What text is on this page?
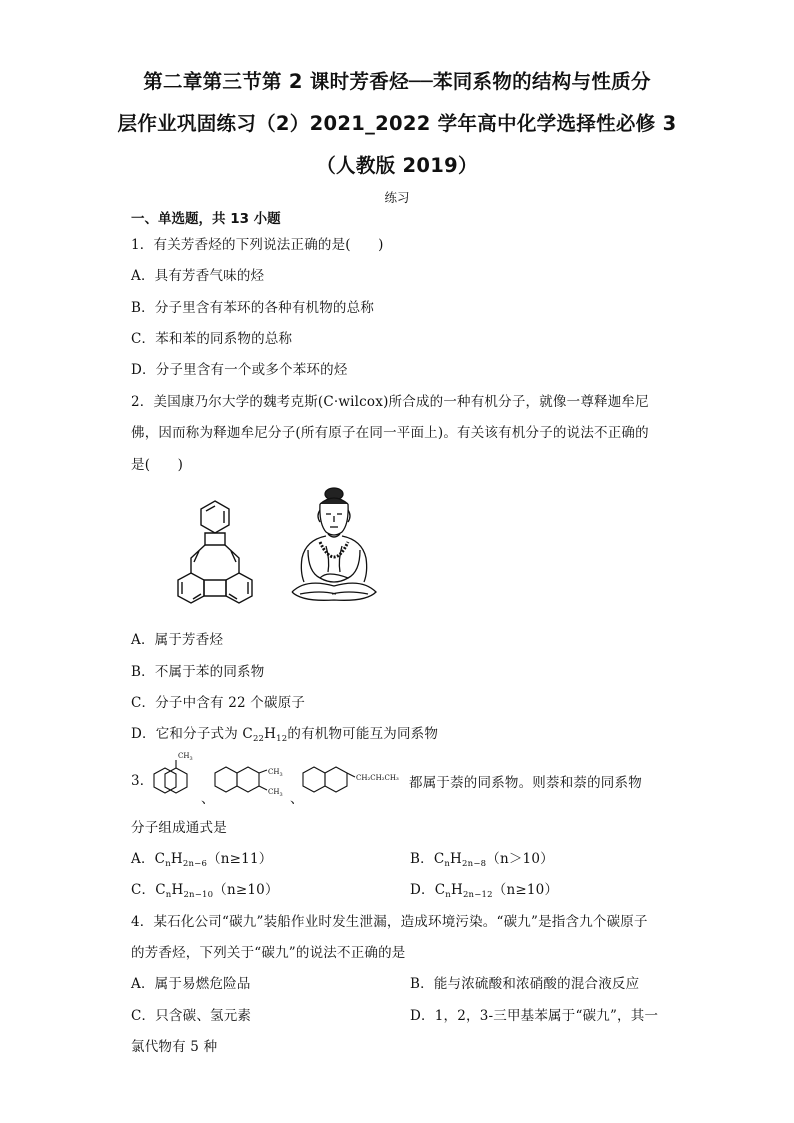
第二章第三节第 2 课时芳香烃──苯同系物的结构与性质分
层作业巩固练习（2）2021_2022 学年高中化学选择性必修 3
（人教版 2019）
练习
一、单选题，共 13 小题
1．有关芳香烃的下列说法正确的是(　　)
A．具有芳香气味的烃
B．分子里含有苯环的各种有机物的总称
C．苯和苯的同系物的总称
D．分子里含有一个或多个苯环的烃
2．美国康乃尔大学的魏考克斯(C·wilcox)所合成的一种有机分子，就像一尊释迦牟尼
佛，因而称为释迦牟尼分子(所有原子在同一平面上)。有关该有机分子的说法不正确的
是(　　)
A．属于芳香烃
B．不属于苯的同系物
C．分子中含有 22 个碳原子
D．它和分子式为 $C_{22}H_{12}$的有机物可能互为同系物
3．
$CH_3$
、
$CH_3$
$CH_3$ 、
CH₂CH₂CH₃ 都属于萘的同系物。则萘和萘的同系物
分子组成通式是
A．$C_nH_{2n-6}(n\ge 11)$	B．$C_nH_{2n-8}(n>10)$
C．$C_nH_{2n-10}(n\ge 10)$	D．$C_nH_{2n-12}(n\ge 10)$
4．某石化公司“碳九”装船作业时发生泄漏，造成环境污染。“碳九”是指含九个碳原子
的芳香烃，下列关于“碳九”的说法不正确的是
A．属于易燃危险品	B．能与浓硫酸和浓硝酸的混合液反应
C．只含碳、氢元素	D．1，2，3-三甲基苯属于“碳九”，其一
氯代物有 5 种
